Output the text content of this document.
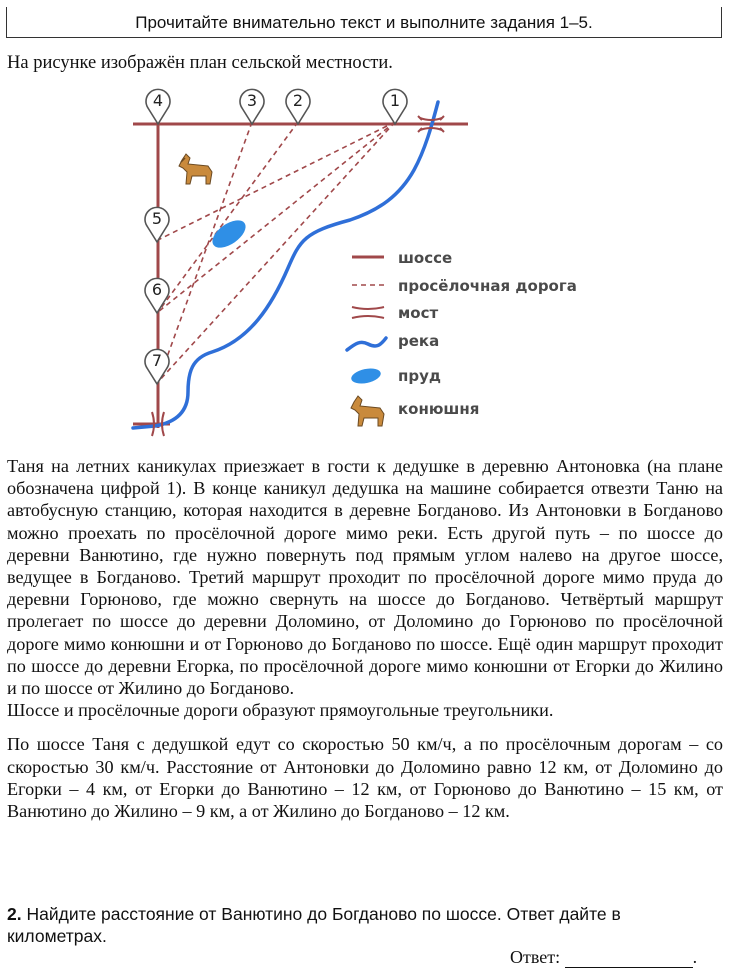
Прочитайте внимательно текст и выполните задания 1–5.
На рисунке изображён план сельской местности.
4	3 2	1
5
6
7
шоссе
просёлочная дорога
мост
река
пруд
конюшня

Таня на летних каникулах приезжает в гости к дедушке в деревню Антоновка (на плане обозначена цифрой 1). В конце каникул дедушка на машине собирается отвезти Таню на автобусную станцию, которая находится в деревне Богданово. Из Антоновки в Богданово можно проехать по просёлочной дороге мимо реки. Есть другой путь – по шоссе до деревни Ванютино, где нужно повернуть под прямым углом налево на другое шоссе, ведущее в Богданово. Третий маршрут проходит по просёлочной дороге мимо пруда до деревни Горюново, где можно свернуть на шоссе до Богданово. Четвёртый маршрут пролегает по шоссе до деревни Доломино, от Доломино до Горюново по просёлочной дороге мимо конюшни и от Горюново до Богданово по шоссе. Ещё один маршрут проходит по шоссе до деревни Егорка, по просёлочной дороге мимо конюшни от Егорки до Жилино и по шоссе от Жилино до Богданово.

Шоссе и просёлочные дороги образуют прямоугольные треугольники.

По шоссе Таня с дедушкой едут со скоростью 50 км/ч, а по просёлочным дорогам – со скоростью 30 км/ч. Расстояние от Антоновки до Доломино равно 12 км, от Доломино до Егорки – 4 км, от Егорки до Ванютино – 12 км, от Горюново до Ванютино – 15 км, от Ванютино до Жилино – 9 км, а от Жилино до Богданово – 12 км.

2. Найдите расстояние от Ванютино до Богданово по шоссе. Ответ дайте в километрах.
Ответ:	.
